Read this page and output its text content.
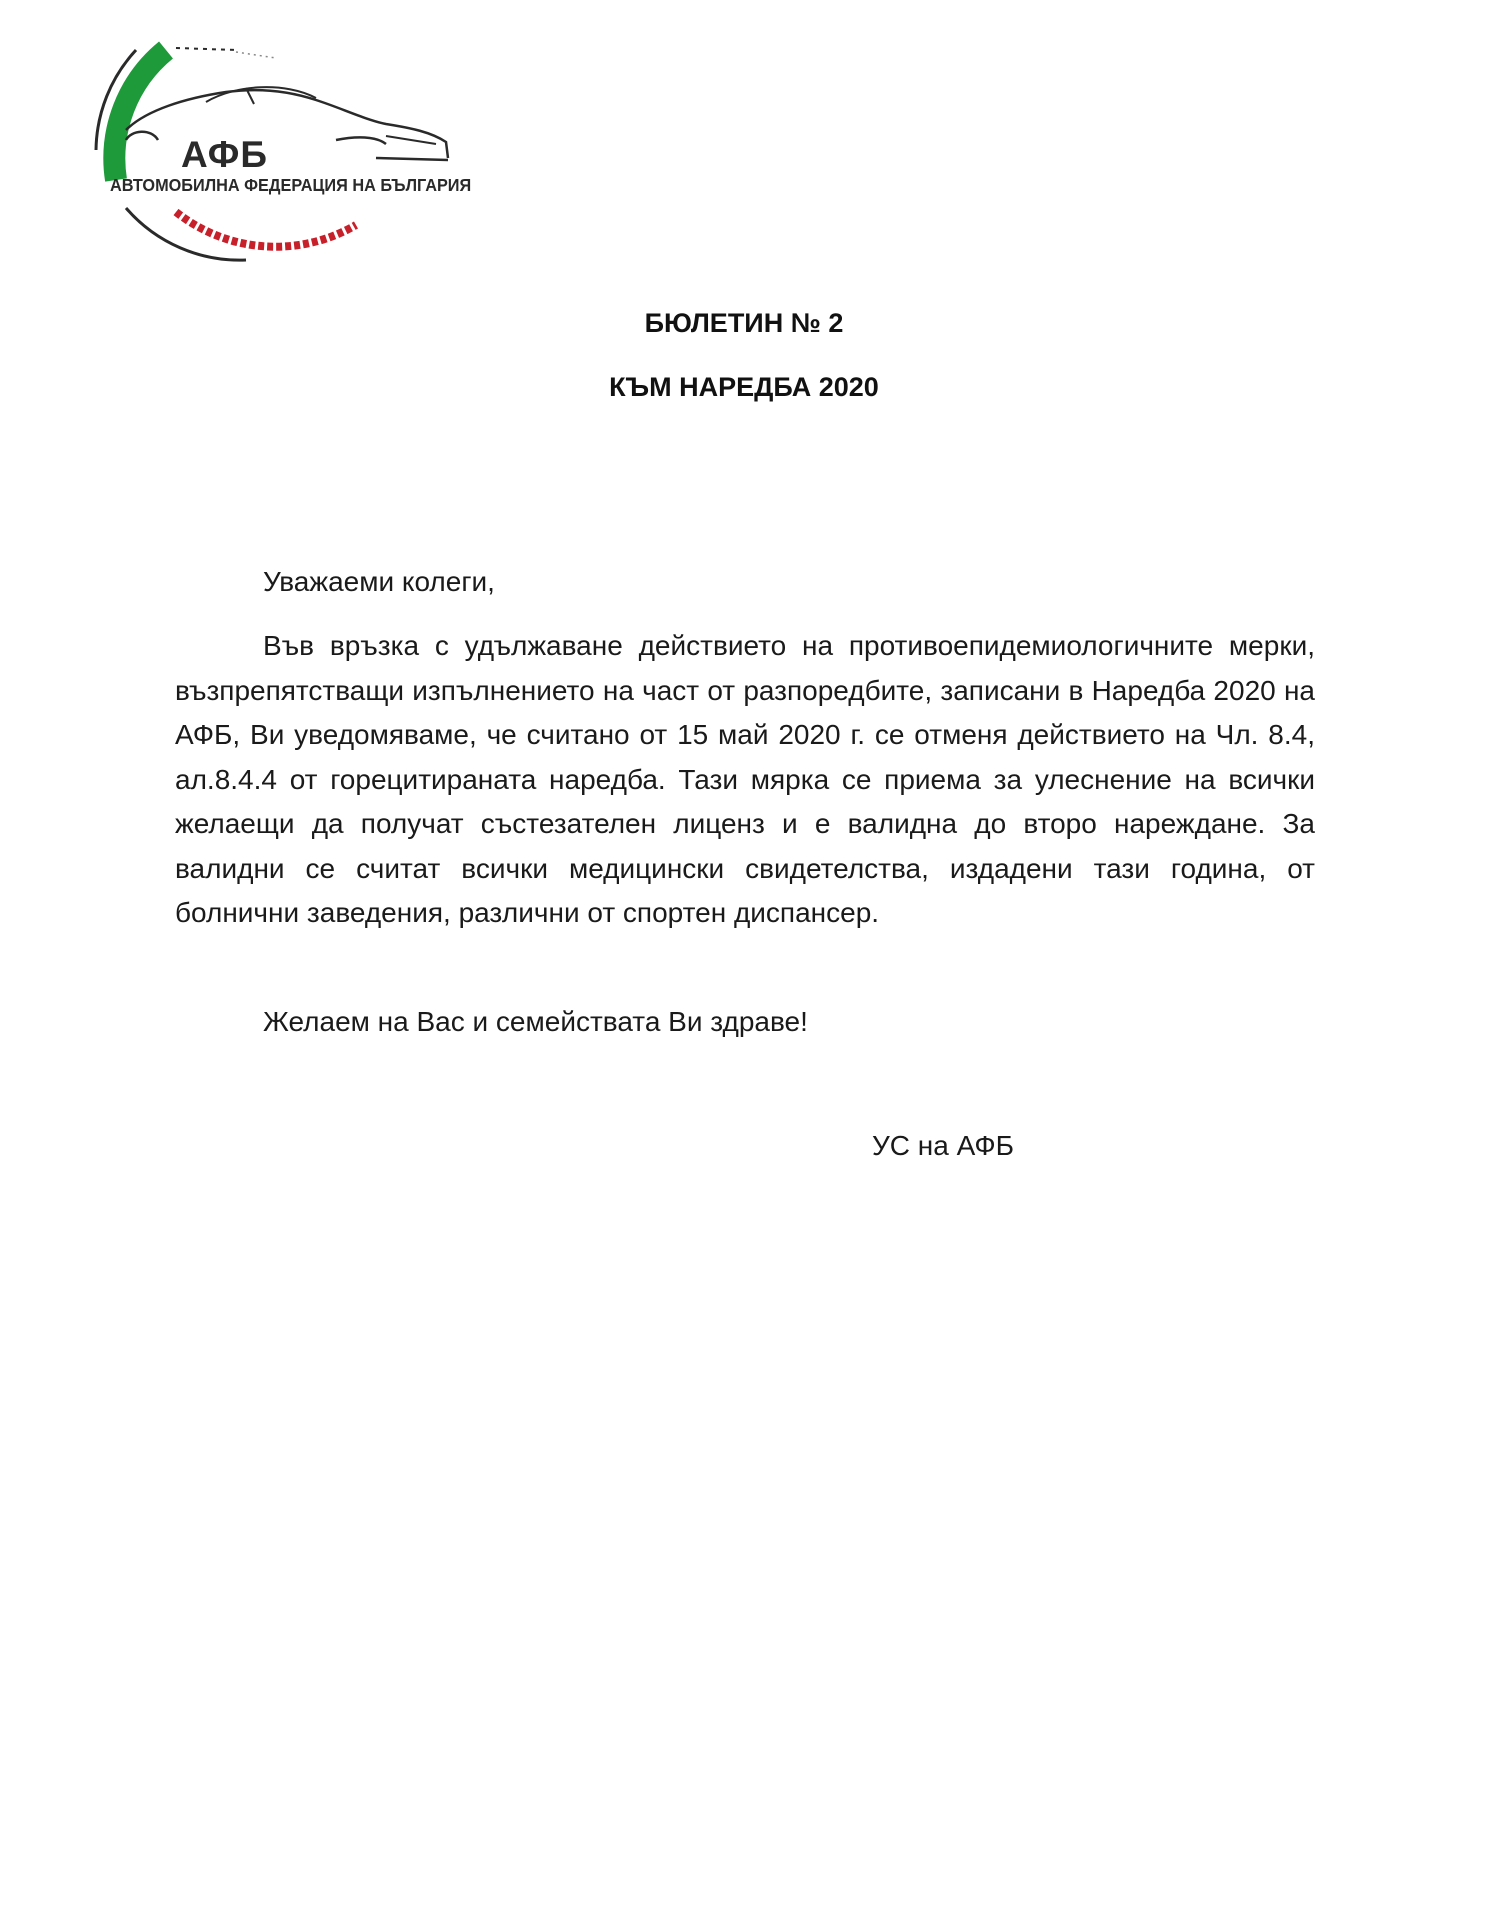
АФБ
АВТОМОБИЛНА ФЕДЕРАЦИЯ НА БЪЛГАРИЯ
БЮЛЕТИН № 2
КЪМ НАРЕДБА 2020
Уважаеми колеги,
Във връзка с удължаване действието на противоепидемиологичните мерки, възпрепятстващи изпълнението на част от разпоредбите, записани в Наредба 2020 на АФБ, Ви уведомяваме, че считано от 15 май 2020 г. се отменя действието на Чл. 8.4, ал.8.4.4 от горецитираната наредба. Тази мярка се приема за улеснение на всички желаещи да получат състезателен лиценз и е валидна до второ нареждане. За валидни се считат всички медицински свидетелства, издадени тази година, от болнични заведения, различни от спортен диспансер.
Желаем на Вас и семействата Ви здраве!
УС на АФБ
